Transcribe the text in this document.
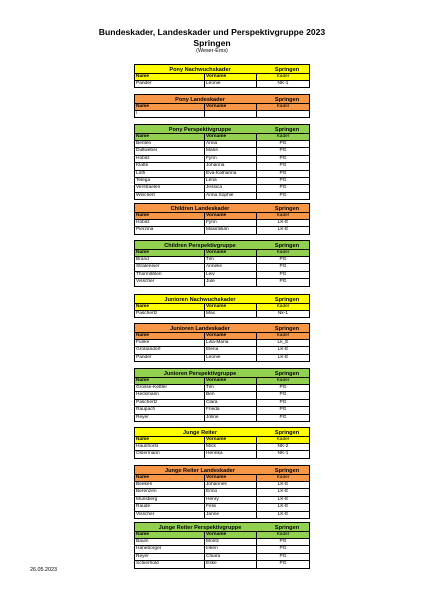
Bundeskader, Landeskader und Perspektivgruppe 2023
Springen
(Weser-Ems)
Pony Nachwuchskader	Springen
Name	Vorname	Kader
Pander	Leonie	NK-1
Pony Landeskader	Springen
Name	Vorname	Kader
/
Pony Perspektivgruppe	Springen
Name	Vorname	Kader
Benten	Anna	PG
Dullweber	Marie	PG
Hobitz	Fynn	PG
Klatte	Johanna	PG
Loth	Eva-Katharina	PG
Telega	Lena	PG
Verstraelen	Jessica	PG
Weichert	Anna Sophie	PG
Children Landeskader	Springen
Name	Vorname	Kader
Hobitz	Fynn	LK-E
Pierzina	Maximilian	LK-E
Children Perspektivgruppe	Springen
Name	Vorname	Kader
Brand	Tim	PG
Strateneier	Annelie	PG
Thormählen	Leiv	PG
Visscher	Jule	PG
Junioren Nachwuchskader	Springen
Name	Vorname	Kader
Paschertz	Max	Nk-1
Junioren Landeskader	Springen
Name	Vorname	Kader
Funke	Lisa-Maria	Lk_E
Großandorf	Elena	LK-E
Pander	Leonie	LK-E
Junioren Perspektivgruppe	Springen
Name	Vorname	Kader
Grosse-Kettler	Tim	PG
Heckmann	Ben	PG
Paschertz	Clara	PG
Raupach	Frieda	PG
Reyer	Joline	PG
Junge Reiter	Springen
Name	Vorname	Kader
Haunhorst	Mick	NK-2
Ostermann	Henrika	NK-1
Junge Reiter Landeskader	Springen
Name	Vorname	Kader
Beeken	Johannes	LK-E
Berenzen	Enno	LK-E
Munsberg	Henry	LK-E
Raude	Felix	LK-E
Visscher	Janne	LK-E
Junge Reiter Perspektivgruppe	Springen
Name	Vorname	Kader
Baum	Moritz	PG
Haneborger	Inken	PG
Reyer	Chiara	PG
Schierhold	Eske	PG
26.05.2023
